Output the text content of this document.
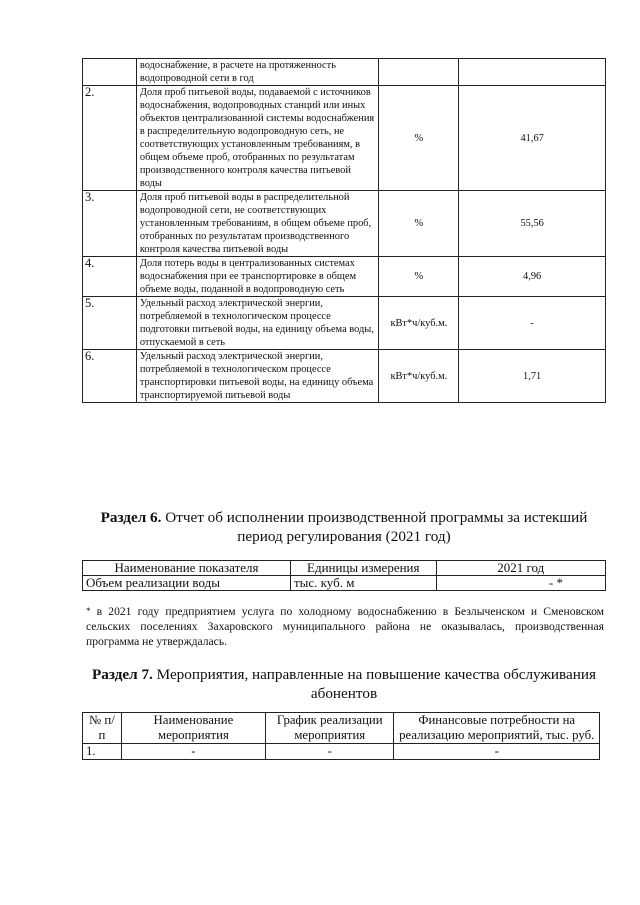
	водоснабжение, в расчете на протяженность водопроводной сети в год		
2.	Доля проб питьевой воды, подаваемой с источников водоснабжения, водопроводных станций или иных объектов централизованной системы водоснабжения в распределительную водопроводную сеть, не соответствующих установленным требованиям, в общем объеме проб, отобранных по результатам производственного контроля качества питьевой воды	%	41,67
3.	Доля проб питьевой воды в распределительной водопроводной сети, не соответствующих установленным требованиям, в общем объеме проб, отобранных по результатам производственного контроля качества питьевой воды	%	55,56
4.	Доля потерь воды в централизованных системах водоснабжения при ее транспортировке в общем объеме воды, поданной в водопроводную сеть	%	4,96
5.	Удельный расход электрической энергии, потребляемой в технологическом процессе подготовки питьевой воды, на единицу объема воды, отпускаемой в сеть	кВт*ч/куб.м.	-
6.	Удельный расход электрической энергии, потребляемой в технологическом процессе транспортировки питьевой воды, на единицу объема транспортируемой питьевой воды	кВт*ч/куб.м.	1,71
Раздел 6. Отчет об исполнении производственной программы за истекший период регулирования (2021 год)
Наименование показателя	Единицы измерения	2021 год
Объем реализации воды	тыс. куб. м	- *
* в 2021 году предприятием услуга по холодному водоснабжению в Безлыченском и Сменовском сельских поселениях Захаровского муниципального района не оказывалась, производственная программа не утверждалась.
Раздел 7. Мероприятия, направленные на повышение качества обслуживания абонентов
№ п/п	Наименование мероприятия	График реализации мероприятия	Финансовые потребности на реализацию мероприятий, тыс. руб.
1.	-	-	-
